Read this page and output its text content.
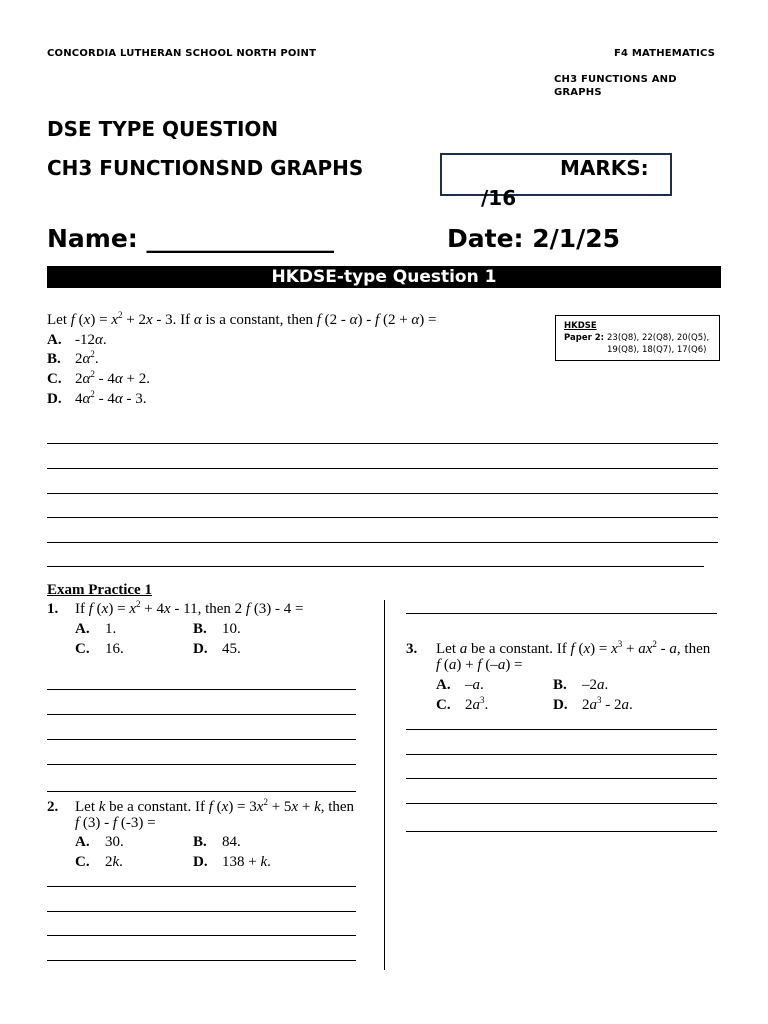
CONCORDIA LUTHERAN SCHOOL NORTH POINT	F4 MATHEMATICS
CH3 FUNCTIONS AND
GRAPHS
DSE TYPE QUESTION
CH3 FUNCTIONSND GRAPHS	MARKS:
/16
Name: _______________	Date: 2/1/25
HKDSE-type Question 1
HKDSE
Paper 2: 23(Q8), 22(Q8), 20(Q5),
19(Q8), 18(Q7), 17(Q6)
Let f $(x) = x^2 + 2x - 3$. If α is a constant, then f (2 - α) - f (2 + α) =
A. -12α.
B. $2\alpha^2$.
C. $2\alpha^2 - 4\alpha + 2$.
D. $4\alpha^2 - 4\alpha - 3$.
Exam Practice 1
1. If f $(x) = x^2 + 4x - 11$, then 2 f (3) - 4 =
A. 1.	B. 10.
C. 16.	D. 45.
2. Let k be a constant. If f $(x) = 3x^2 + 5x + k$, then
f (3) - f (-3) =
A. 30.	B. 84.
C. 2k.	D. 138 + k.
3. Let a be a constant. If f $(x) = x^3 + ax^2 - a$, then
f (a) + f (–a) =
A. –a.	B. –2a.
C. $2a^3$.	D. $2a^3 - 2a$.
